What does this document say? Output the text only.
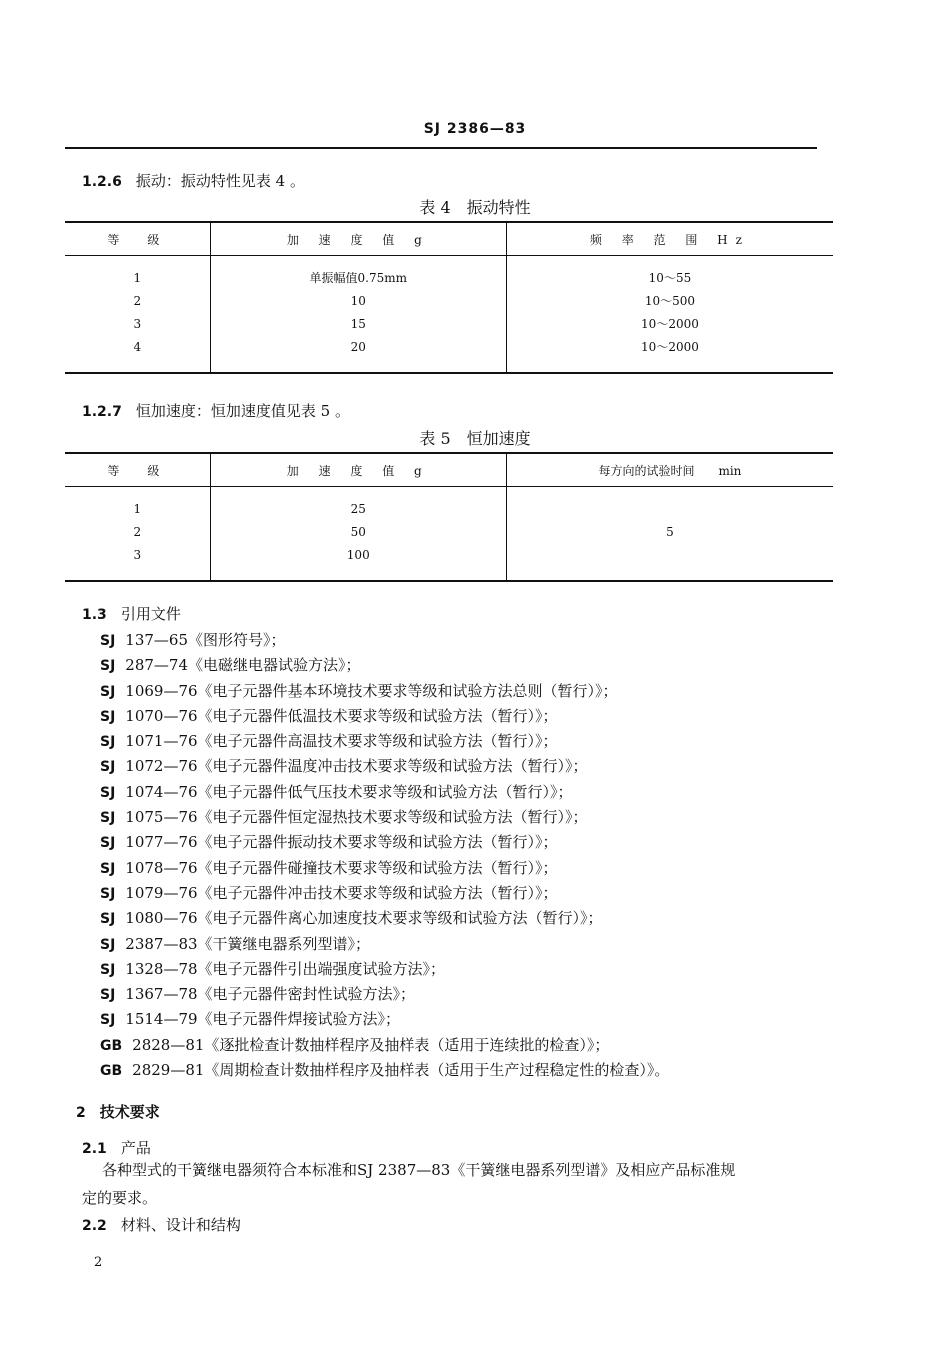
SJ 2386—83
1.2.6 振动：振动特性见表 4 。
表 4　振动特性
等　级	加 速 度 值 g	频 率 范 围 Hz

1	单振幅值0.75mm	10～55
2	10	10～500
3	15	10～2000
4	20	10～2000

1.2.7 恒加速度：恒加速度值见表 5 。
表 5　恒加速度
等　级	加 速 度 值 g	每方向的试验时间　　min

1	25	5
2	50	
3	100	

1.3 引用文件
SJ 137—65《图形符号》；
SJ 287—74《电磁继电器试验方法》；
SJ 1069—76《电子元器件基本环境技术要求等级和试验方法总则（暂行）》；
SJ 1070—76《电子元器件低温技术要求等级和试验方法（暂行）》；
SJ 1071—76《电子元器件高温技术要求等级和试验方法（暂行）》；
SJ 1072—76《电子元器件温度冲击技术要求等级和试验方法（暂行）》；
SJ 1074—76《电子元器件低气压技术要求等级和试验方法（暂行）》；
SJ 1075—76《电子元器件恒定湿热技术要求等级和试验方法（暂行）》；
SJ 1077—76《电子元器件振动技术要求等级和试验方法（暂行）》；
SJ 1078—76《电子元器件碰撞技术要求等级和试验方法（暂行）》；
SJ 1079—76《电子元器件冲击技术要求等级和试验方法（暂行）》；
SJ 1080—76《电子元器件离心加速度技术要求等级和试验方法（暂行）》；
SJ 2387—83《干簧继电器系列型谱》；
SJ 1328—78《电子元器件引出端强度试验方法》；
SJ 1367—78《电子元器件密封性试验方法》；
SJ 1514—79《电子元器件焊接试验方法》；
GB 2828—81《逐批检查计数抽样程序及抽样表（适用于连续批的检查）》；
GB 2829—81《周期检查计数抽样程序及抽样表（适用于生产过程稳定性的检查）》。
2 技术要求
2.1 产品
各种型式的干簧继电器须符合本标准和SJ 2387—83《干簧继电器系列型谱》及相应产品标准规
定的要求。
2.2 材料、设计和结构
2
